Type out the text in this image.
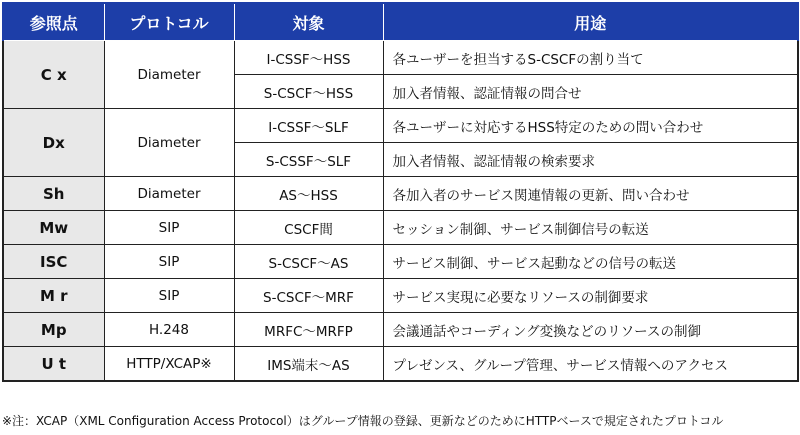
参照点	プロトコル	対象	用途
C x	Diameter	I-CSSF〜HSS	各ユーザーを担当するS-CSCFの割り当て
		S-CSCF〜HSS	加入者情報、認証情報の問合せ
Dx	Diameter	I-CSSF〜SLF	各ユーザーに対応するHSS特定のための問い合わせ
		S-CSSF〜SLF	加入者情報、認証情報の検索要求
Sh	Diameter	AS〜HSS	各加入者のサービス関連情報の更新、問い合わせ
Mw	SIP	CSCF間	セッション制御、サービス制御信号の転送
ISC	SIP	S-CSCF〜AS	サービス制御、サービス起動などの信号の転送
M r	SIP	S-CSCF〜MRF	サービス実現に必要なリソースの制御要求
Mp	H.248	MRFC〜MRFP	会議通話やコーディング変換などのリソースの制御
U t	HTTP/XCAP※	IMS端末〜AS	プレゼンス、グループ管理、サービス情報へのアクセス
※注：XCAP（XML Configuration Access Protocol）はグループ情報の登録、更新などのためにHTTPベースで規定されたプロトコル
